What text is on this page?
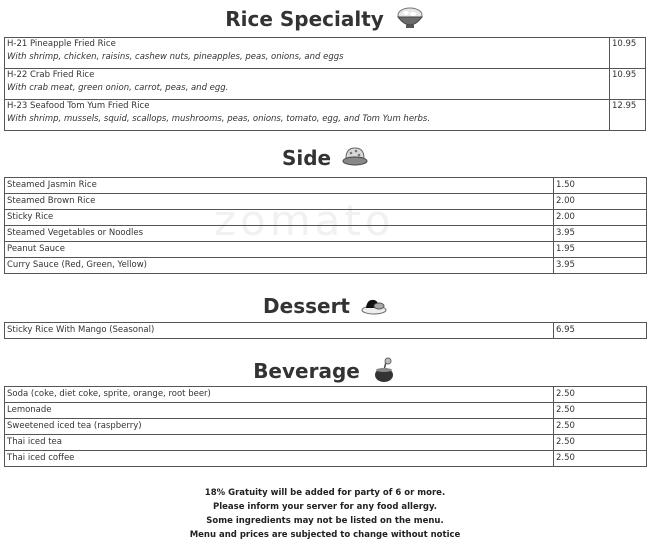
zomato
Rice Specialty
H-21 Pineapple Fried Rice
With shrimp, chicken, raisins, cashew nuts, pineapples, peas, onions, and eggs	10.95

H-22 Crab Fried Rice
With crab meat, green onion, carrot, peas, and egg.	10.95

H-23 Seafood Tom Yum Fried Rice
With shrimp, mussels, squid, scallops, mushrooms, peas, onions, tomato, egg, and Tom Yum herbs.	12.95
Side
Steamed Jasmin Rice	1.50
Steamed Brown Rice	2.00
Sticky Rice	2.00
Steamed Vegetables or Noodles	3.95
Peanut Sauce	1.95
Curry Sauce (Red, Green, Yellow)	3.95
Dessert
Sticky Rice With Mango (Seasonal)	6.95
Beverage
Soda (coke, diet coke, sprite, orange, root beer)	2.50
Lemonade	2.50
Sweetened iced tea (raspberry)	2.50
Thai iced tea	2.50
Thai iced coffee	2.50
18% Gratuity will be added for party of 6 or more.
Please inform your server for any food allergy.
Some ingredients may not be listed on the menu.
Menu and prices are subjected to change without notice
